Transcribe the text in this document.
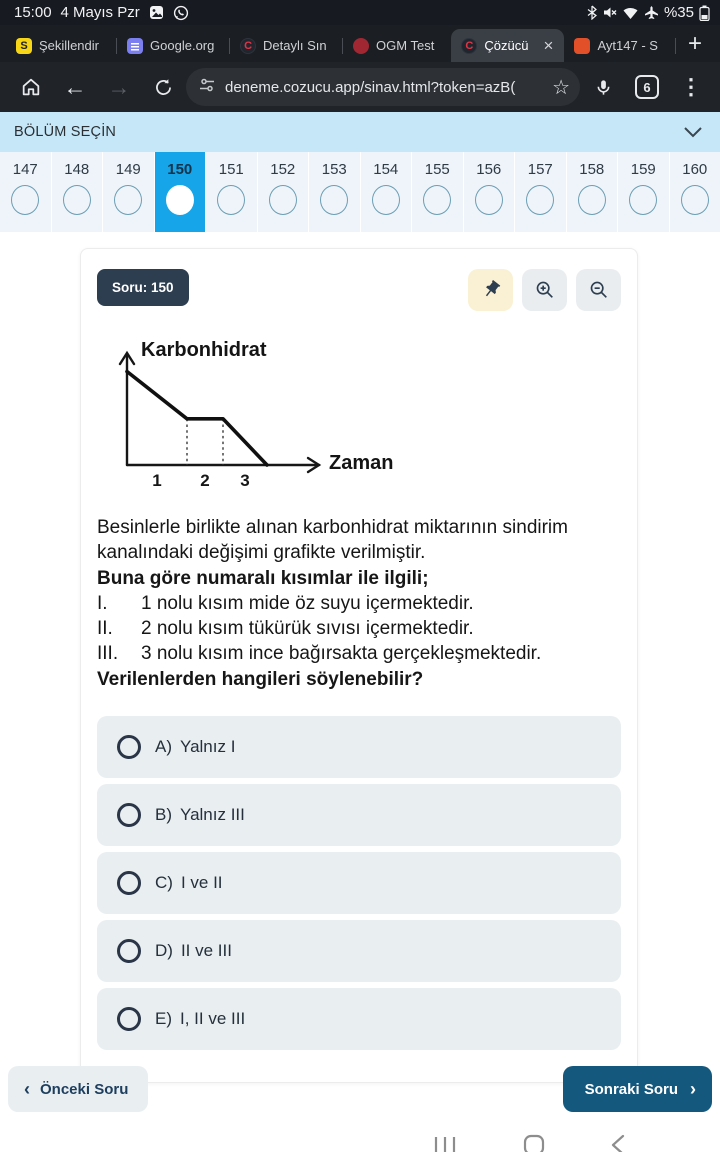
15:00 4 Mayıs Pzr	%35
S Şekillendir	Google.org	C Detaylı Sın	OGM Test	C Çözücü ×	Ayt147 - S	+
← →	deneme.cozucu.app/sinav.html?token=azB(	☆	6	⋮
BÖLÜM SEÇİN
147 148 149 150 151 152 153 154 155 156 157 158 159 160
Soru: 150
1 2 3
Karbonhidrat
Zaman
Besinlerle birlikte alınan karbonhidrat miktarının sindirim kanalındaki değişimi grafikte verilmiştir.
Buna göre numaralı kısımlar ile ilgili;
I.	1 nolu kısım mide öz suyu içermektedir.
II.	2 nolu kısım tükürük sıvısı içermektedir.
III.	3 nolu kısım ince bağırsakta gerçekleşmektedir.
Verilenlerden hangileri söylenebilir?
A) Yalnız I
B) Yalnız III
C) I ve II
D) II ve III
E) I, II ve III
‹ Önceki Soru	Sonraki Soru ›
